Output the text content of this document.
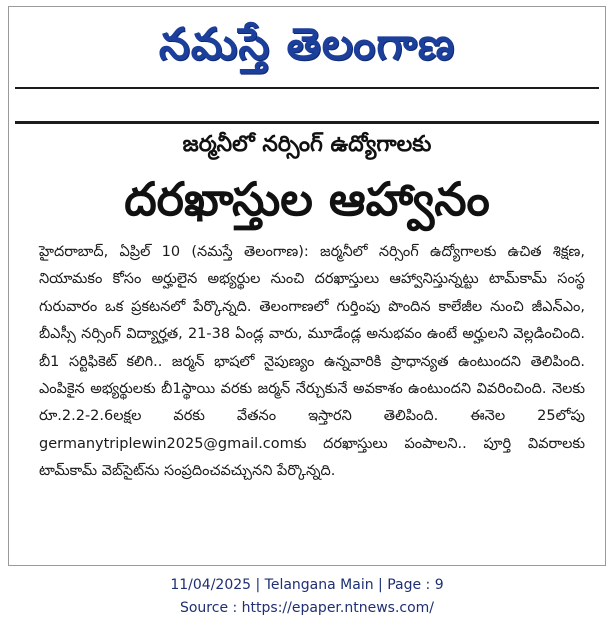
నమస్తే తెలంగాణ
జర్మనీలో నర్సింగ్ ఉద్యోగాలకు
దరఖాస్తుల ఆహ్వానం
హైదరాబాద్, ఏప్రిల్ 10 (నమస్తే తెలంగాణ): జర్మనీలో నర్సింగ్ ఉద్యోగాలకు ఉచిత శిక్షణ, నియామకం కోసం అర్హులైన అభ్యర్థుల నుంచి దరఖాస్తులు ఆహ్వానిస్తున్నట్టు టామ్‌కామ్ సంస్థ గురువారం ఒక ప్రకటనలో పేర్కొన్నది. తెలంగాణలో గుర్తింపు పొందిన కాలేజీల నుంచి జీఎన్‌ఎం, బీఎస్సీ నర్సింగ్ విద్యార్హత, 21-38 ఏండ్ల వారు, మూడేండ్ల అనుభవం ఉంటే అర్హులని వెల్లడించింది. బీ1 సర్టిఫికెట్ కలిగి.. జర్మన్ భాషలో నైపుణ్యం ఉన్నవారికి ప్రాధాన్యత ఉంటుందని తెలిపింది. ఎంపికైన అభ్యర్థులకు బీ1స్థాయి వరకు జర్మన్ నేర్చుకునే అవకాశం ఉంటుందని వివరించింది. నెలకు రూ.2.2-2.6లక్షల వరకు వేతనం ఇస్తారని తెలిపింది. ఈనెల 25లోపు germanytriplewin2025@gmail.comకు దరఖాస్తులు పంపాలని.. పూర్తి వివరాలకు టామ్‌కామ్ వెబ్‌సైట్‌ను సంప్రదించవచ్చునని పేర్కొన్నది.
11/04/2025 | Telangana Main | Page : 9
Source : https://epaper.ntnews.com/
